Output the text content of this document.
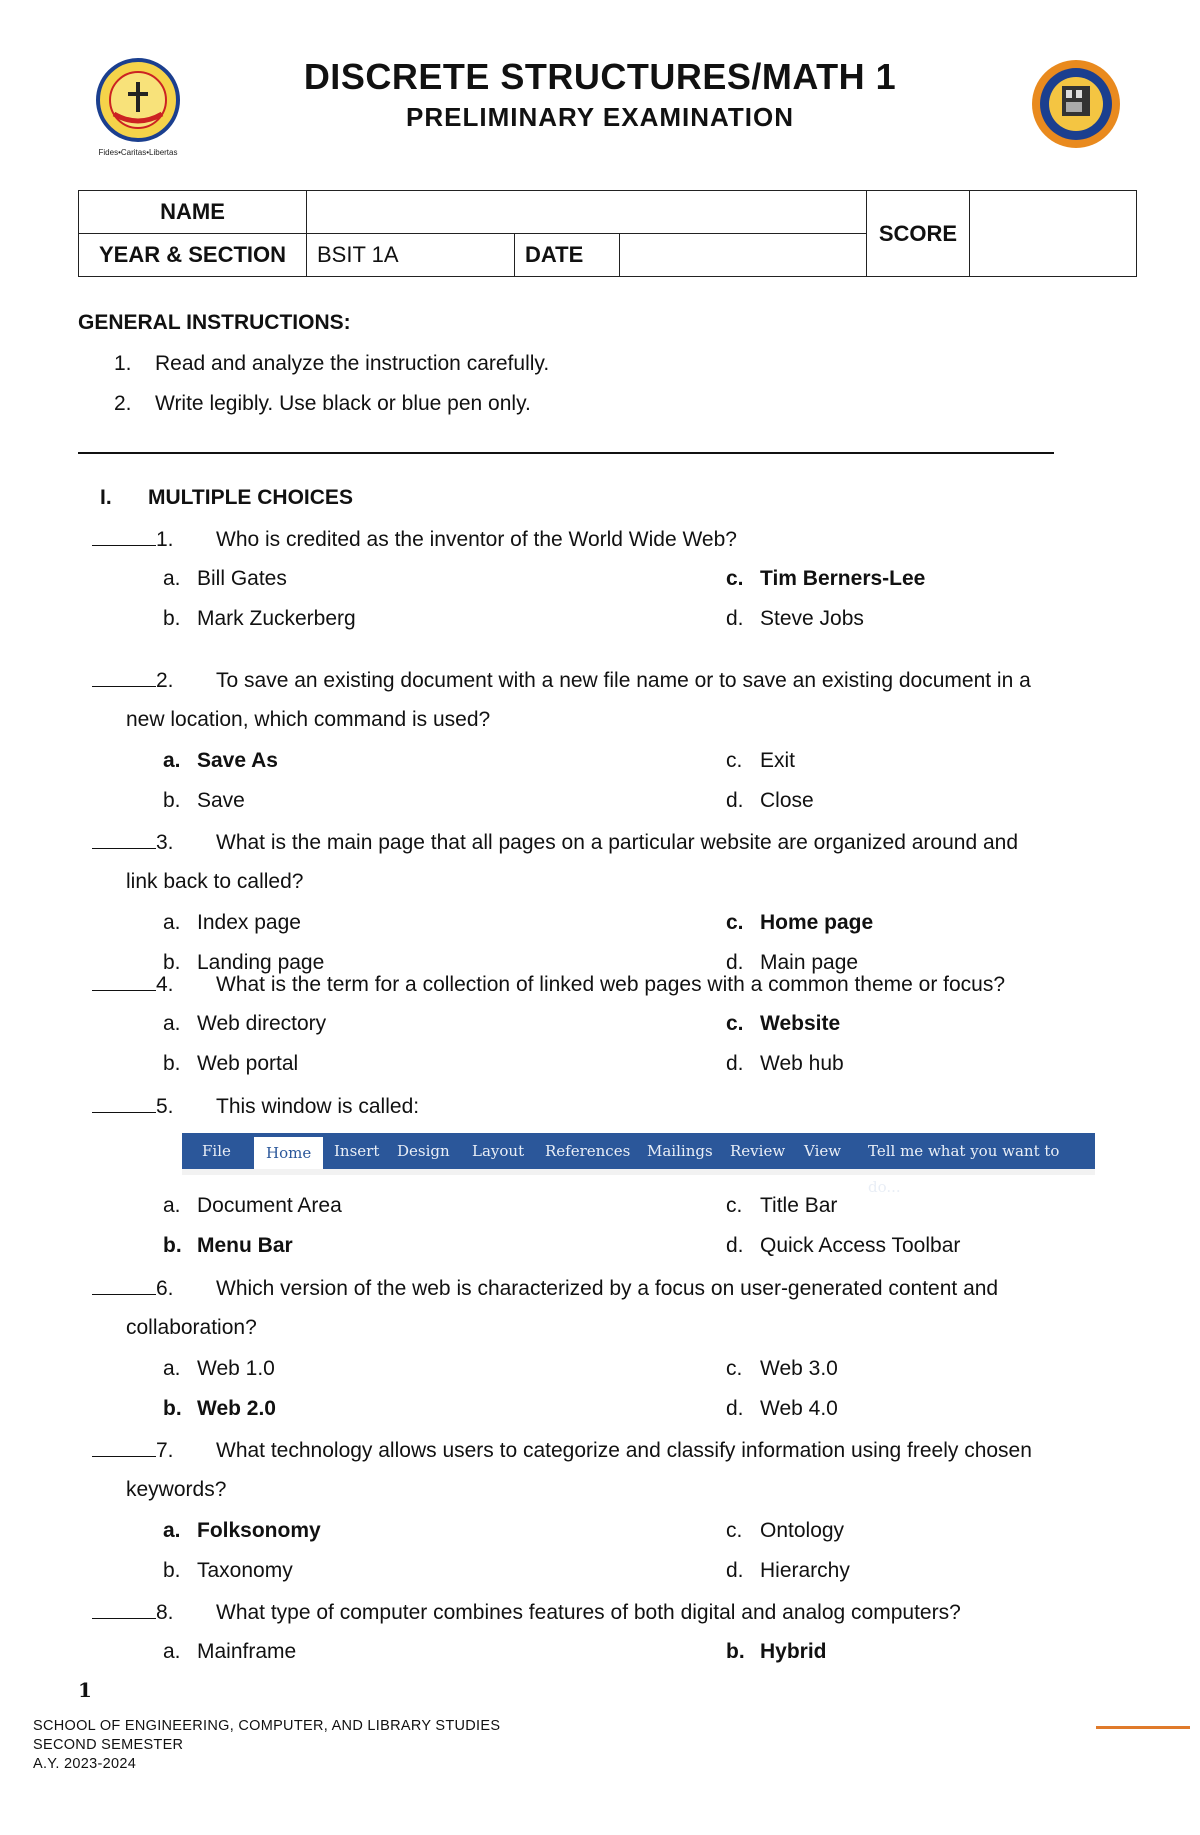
Fides•Caritas•Libertas
DISCRETE STRUCTURES/MATH 1
PRELIMINARY EXAMINATION
NAME				SCORE	
YEAR & SECTION	BSIT 1A	DATE			
GENERAL INSTRUCTIONS:
1. Read and analyze the instruction carefully.
2. Write legibly. Use black or blue pen only.
I. MULTIPLE CHOICES
1. Who is credited as the inventor of the World Wide Web?
a. Bill Gates	c. Tim Berners-Lee
b. Mark Zuckerberg	d. Steve Jobs
2. To save an existing document with a new file name or to save an existing document in a
new location, which command is used?
a. Save As	c. Exit
b. Save	d. Close
3. What is the main page that all pages on a particular website are organized around and
link back to called?
a. Index page	c. Home page
b. Landing page	d. Main page
4. What is the term for a collection of linked web pages with a common theme or focus?
a. Web directory	c. Website
b. Web portal	d. Web hub
5. This window is called:
a. Document Area	c. Title Bar
b. Menu Bar	d. Quick Access Toolbar
6. Which version of the web is characterized by a focus on user-generated content and
collaboration?
a. Web 1.0	c. Web 3.0
b. Web 2.0	d. Web 4.0
7. What technology allows users to categorize and classify information using freely chosen
keywords?
a. Folksonomy	c. Ontology
b. Taxonomy	d. Hierarchy
8. What type of computer combines features of both digital and analog computers?
a. Mainframe	b. Hybrid
File	Home	Insert Design Layout References Mailings Review View Tell me what you want to do...
1
SCHOOL OF ENGINEERING, COMPUTER, AND LIBRARY STUDIES
SECOND SEMESTER
A.Y. 2023-2024
